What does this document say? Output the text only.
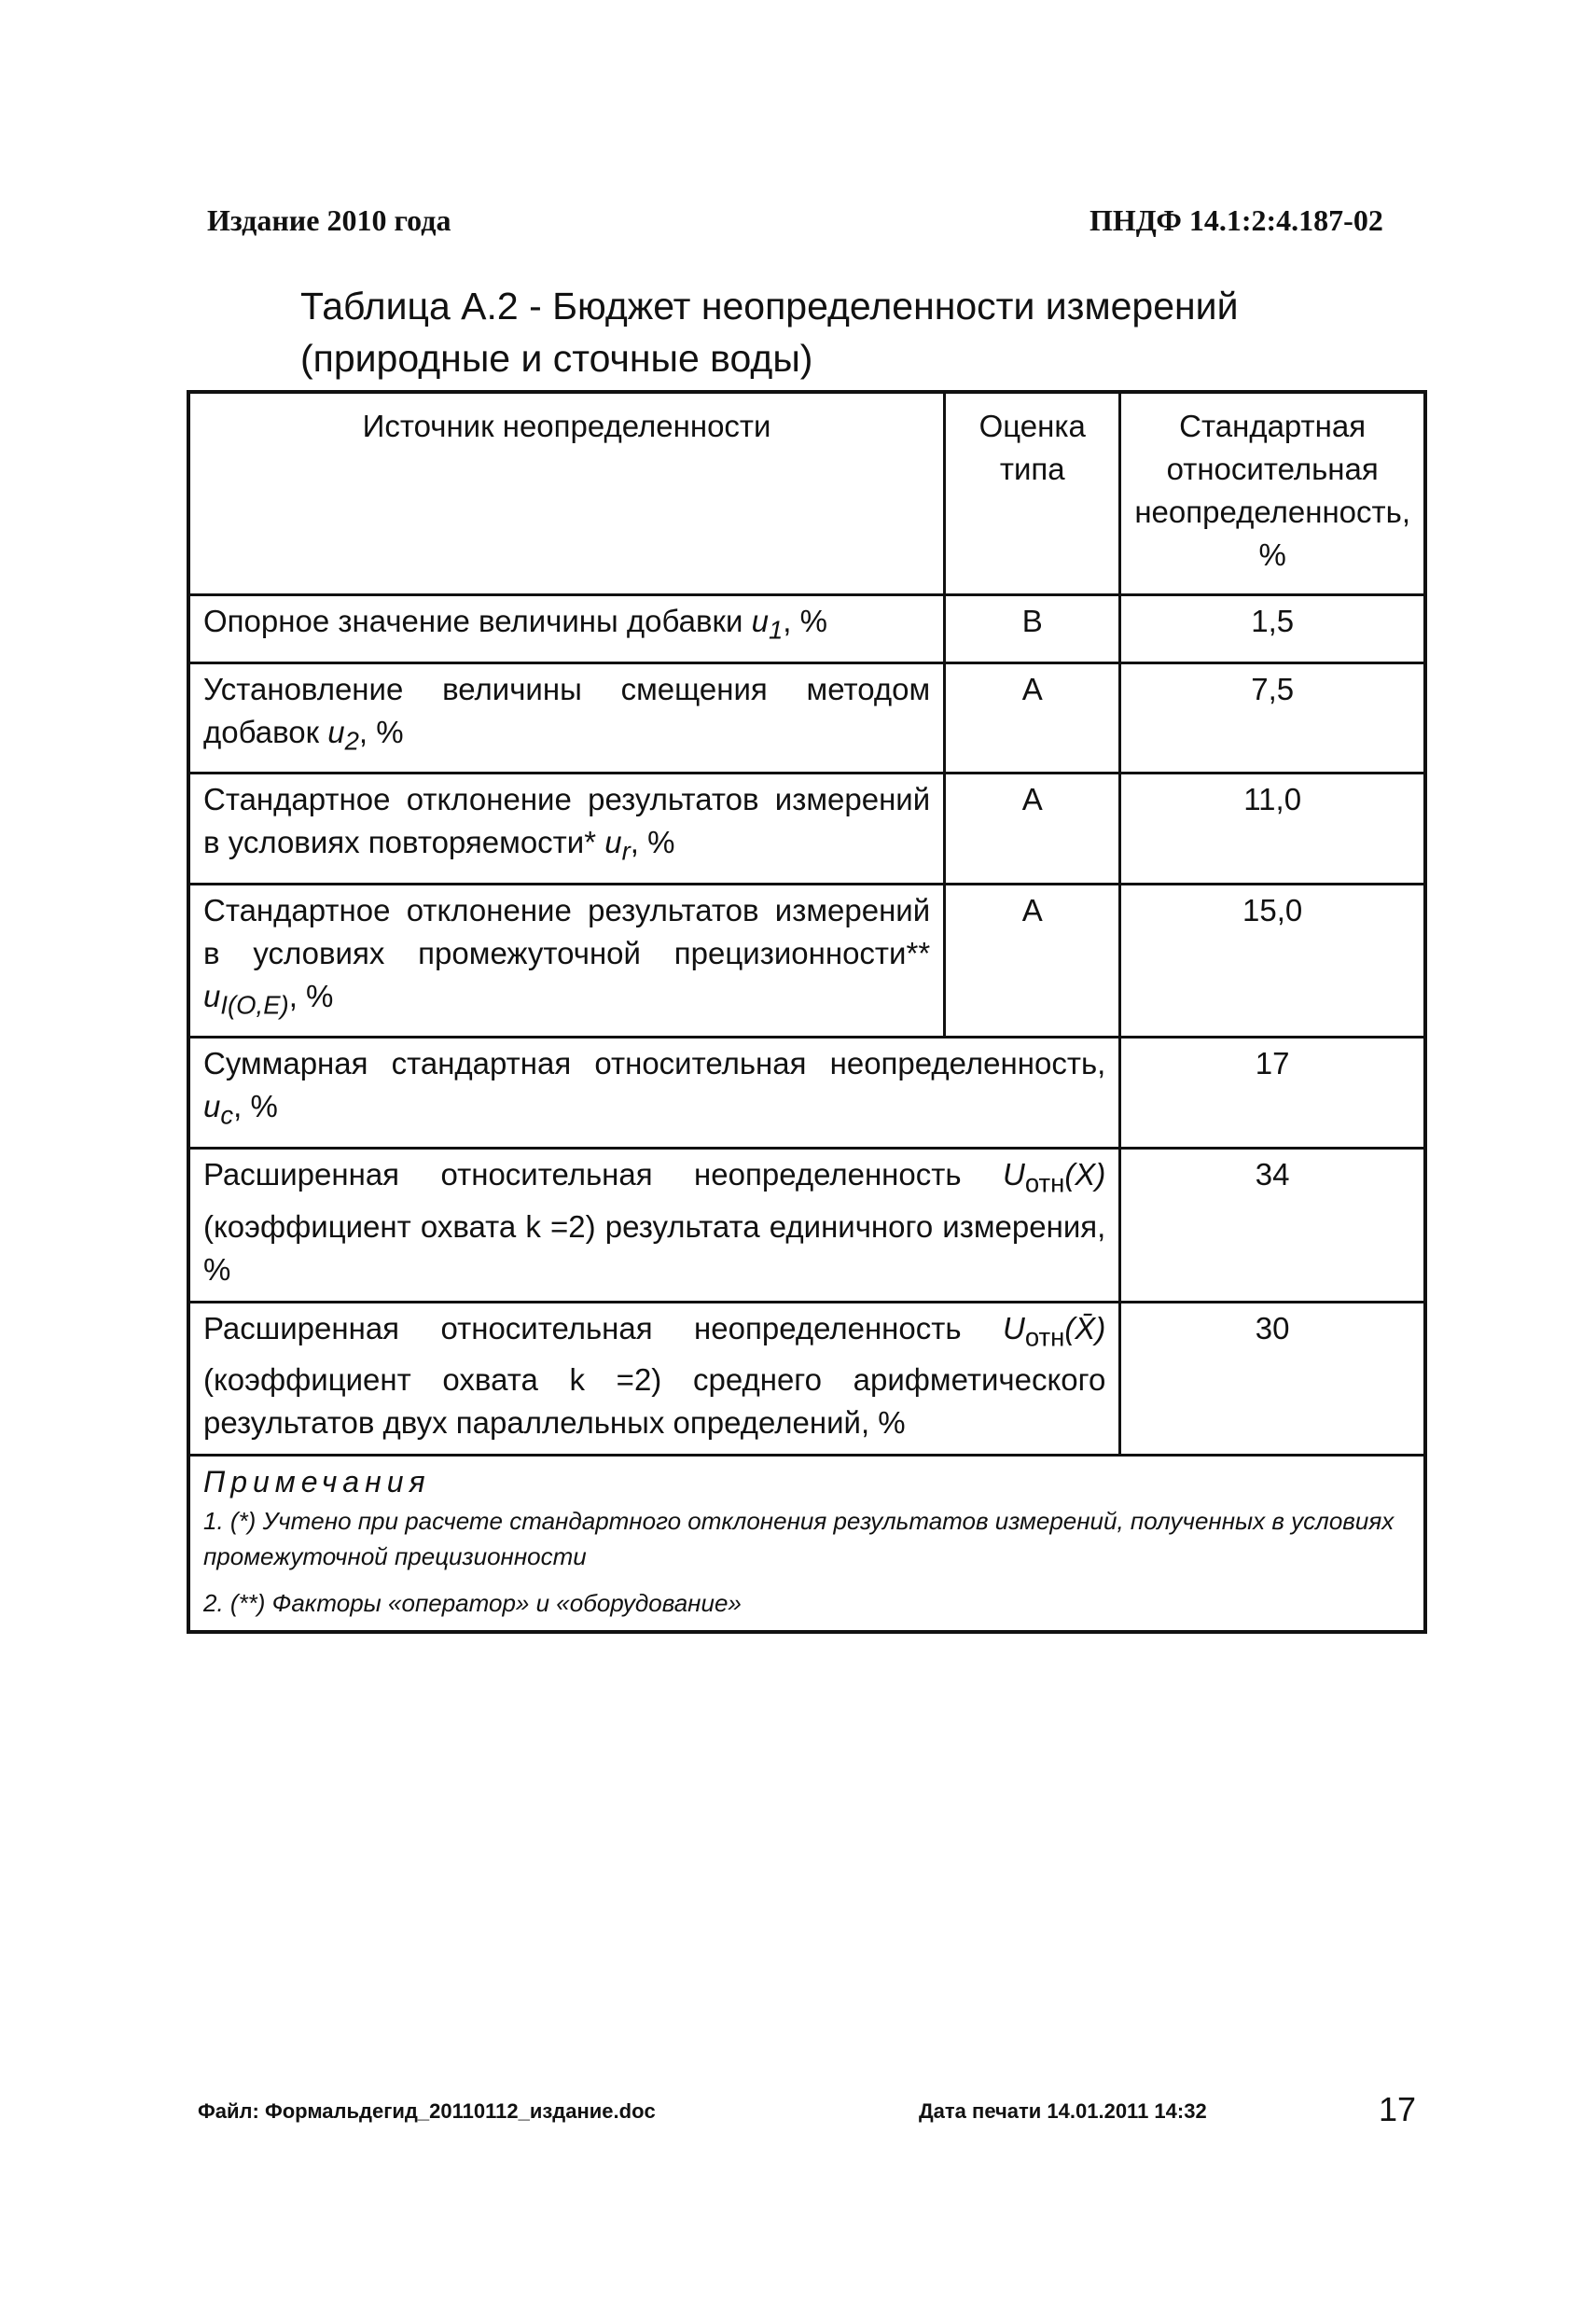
Издание 2010 года	ПНДФ 14.1:2:4.187-02
Таблица А.2 - Бюджет неопределенности измерений (природные и сточные воды)
Источник неопределенности	Оценка типа	Стандартная относительная неопределенность, %
Опорное значение величины добавки $u_1$, %	B	1,5
Установление величины смещения методом добавок $u_2$, %	A	7,5
Стандартное отклонение результатов измерений в условиях повторяемости* $u_r$, %	A	11,0
Стандартное отклонение результатов измерений в условиях промежуточной прецизионности** $u_{I(O,E)}$, %	A	15,0
Суммарная стандартная относительная неопределенность, $u_c$, %		17
Расширенная относительная неопределенность $U_{отн}(X)$ (коэффициент охвата k =2) результата единичного измерения, %		34
Расширенная относительная неопределенность $U_{отн}(X̄)$ (коэффициент охвата k =2) среднего арифметического результатов двух параллельных определений, %		30

Примечания
1. (*) Учтено при расчете стандартного отклонения результатов измерений, полученных в условиях промежуточной прецизионности
2. (**) Факторы «оператор» и «оборудование»		
Файл: Формальдегид_20110112_издание.doc	Дата печати 14.01.2011 14:32	17
